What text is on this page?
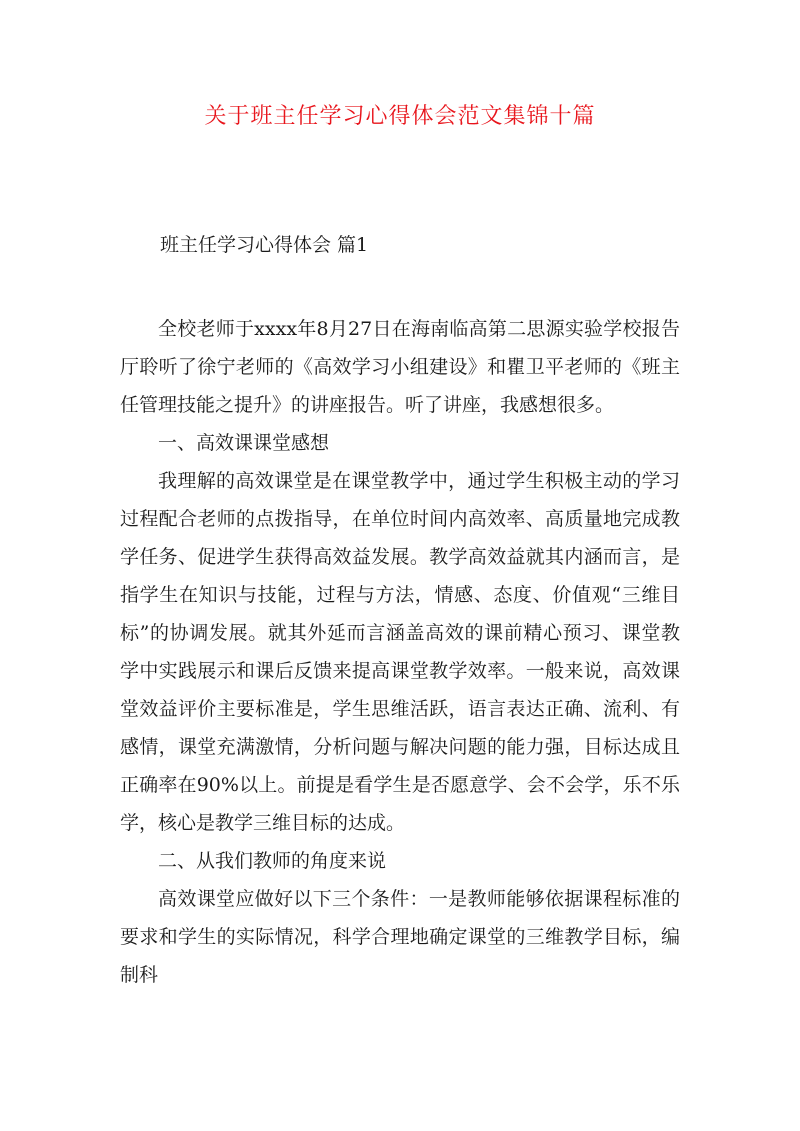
关于班主任学习心得体会范文集锦十篇
班主任学习心得体会 篇1

全校老师于xxxx年8月27日在海南临高第二思源实验学校报告厅聆听了徐宁老师的《高效学习小组建设》和瞿卫平老师的《班主任管理技能之提升》的讲座报告。听了讲座，我感想很多。

一、高效课课堂感想

我理解的高效课堂是在课堂教学中，通过学生积极主动的学习过程配合老师的点拨指导，在单位时间内高效率、高质量地完成教学任务、促进学生获得高效益发展。教学高效益就其内涵而言，是指学生在知识与技能，过程与方法，情感、态度、价值观“三维目标”的协调发展。就其外延而言涵盖高效的课前精心预习、课堂教学中实践展示和课后反馈来提高课堂教学效率。一般来说，高效课堂效益评价主要标准是，学生思维活跃，语言表达正确、流利、有感情，课堂充满激情，分析问题与解决问题的能力强，目标达成且正确率在90%以上。前提是看学生是否愿意学、会不会学，乐不乐学，核心是教学三维目标的达成。

二、从我们教师的角度来说

高效课堂应做好以下三个条件：一是教师能够依据课程标准的要求和学生的实际情况，科学合理地确定课堂的三维教学目标，编制科
